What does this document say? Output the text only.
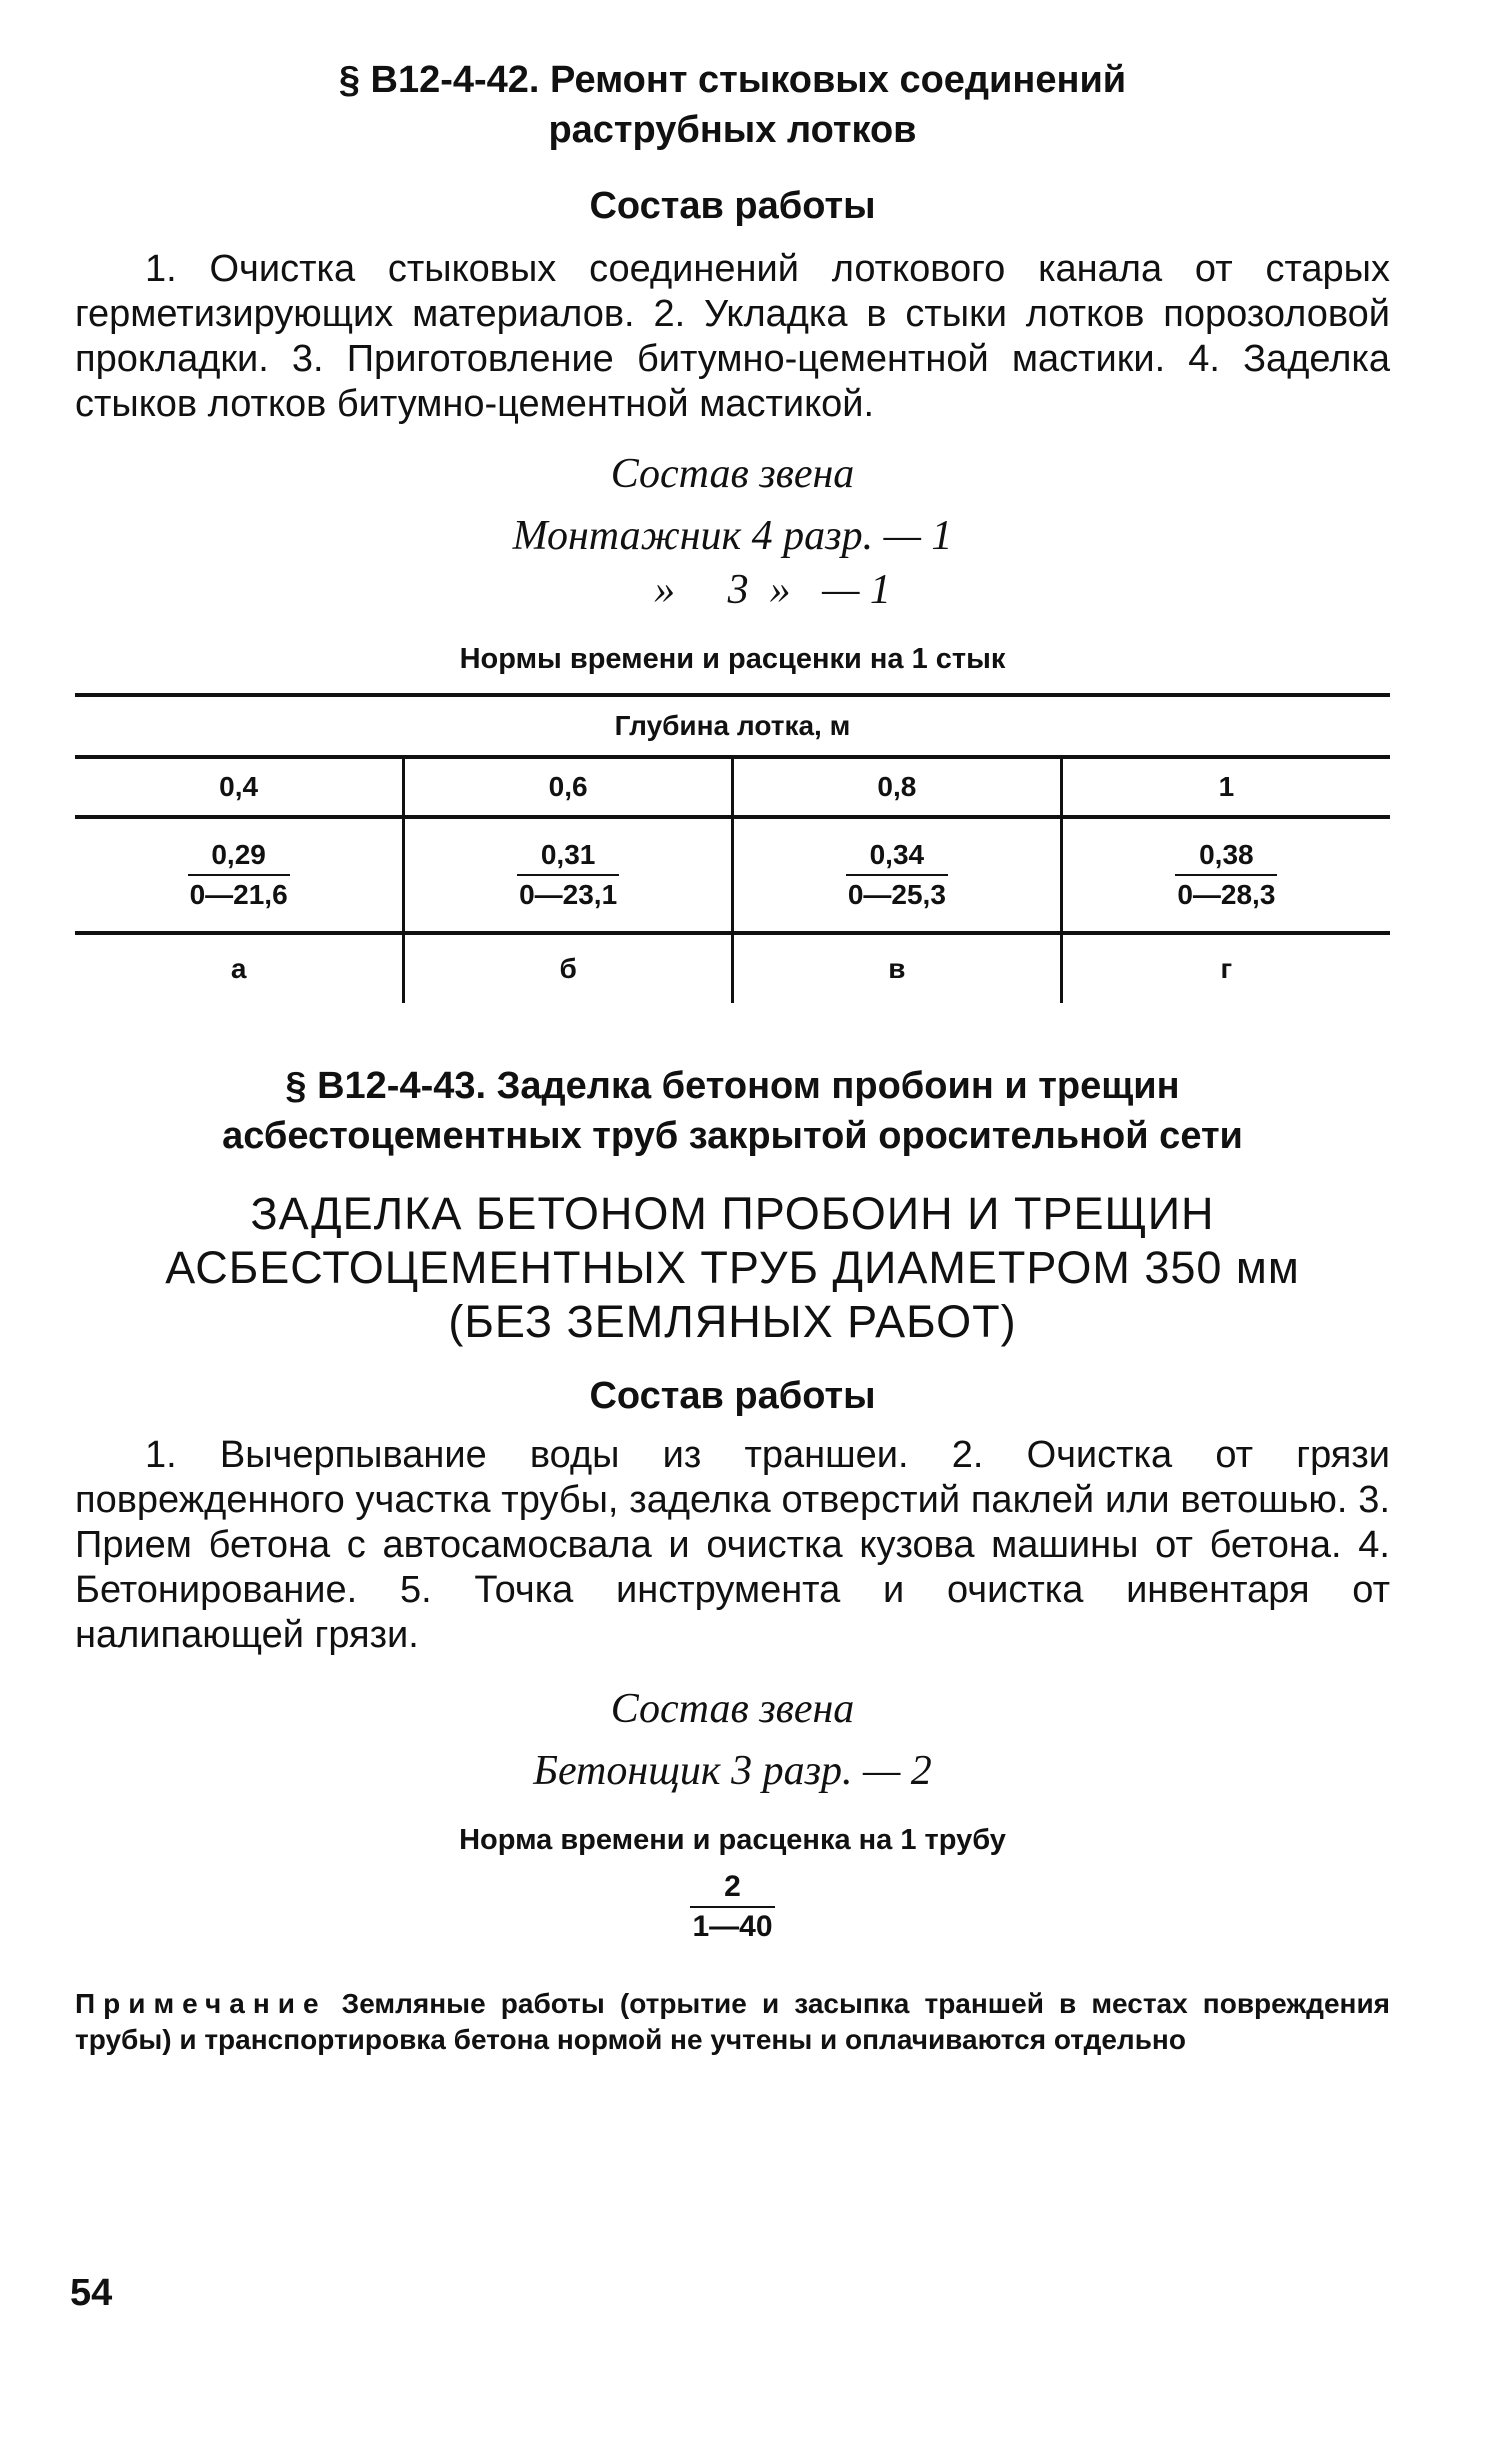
§ В12-4-42. Ремонт стыковых соединений

раструбных лотков

Состав работы

1. Очистка стыковых соединений лоткового канала от старых герметизирующих материалов. 2. Укладка в стыки лотков порозоловой прокладки. 3. Приготовление битумно-цементной мастики. 4. Заделка стыков лотков битумно-цементной мастикой.

Состав звена
Монтажник 4 разр. — 1
»     3  »   — 1
Нормы времени и расценки на 1 стык
Глубина лотка, м			
0,4	0,6	0,8	1

$\frac{0,29}{0—21,6}$	$\frac{0,31}{0—23,1}$	$\frac{0,34}{0—25,3}$	$\frac{0,38}{0—28,3}$

а	б	в	г

§ В12-4-43. Заделка бетоном пробоин и трещин

асбестоцементных труб закрытой оросительной сети

ЗАДЕЛКА БЕТОНОМ ПРОБОИН И ТРЕЩИН
АСБЕСТОЦЕМЕНТНЫХ ТРУБ ДИАМЕТРОМ 350 мм
(БЕЗ ЗЕМЛЯНЫХ РАБОТ)

Состав работы

1. Вычерпывание воды из траншеи. 2. Очистка от грязи поврежденного участка трубы, заделка отверстий паклей или ветошью. 3. Прием бетона с автосамосвала и очистка кузова машины от бетона. 4. Бетонирование. 5. Точка инструмента и очистка инвентаря от налипающей грязи.

Состав звена
Бетонщик 3 разр. — 2
Норма времени и расценка на 1 трубу
$\frac{2}{1—40}$

Примечание Земляные работы (отрытие и засыпка траншей в местах повреждения трубы) и транспортировка бетона нормой не учтены и оплачиваются отдельно

54
